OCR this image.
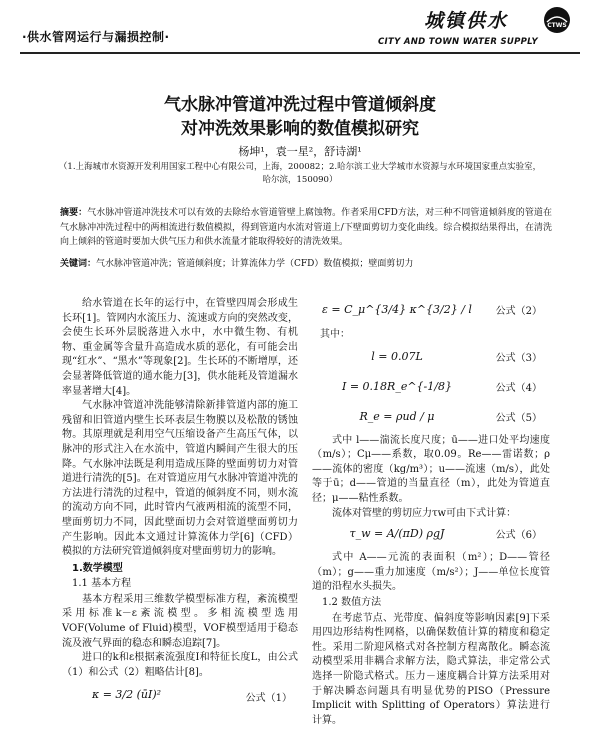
·供水管网运行与漏损控制·
城镇供水	CTWS
CITY AND TOWN WATER SUPPLY
气水脉冲管道冲洗过程中管道倾斜度
对冲洗效果影响的数值模拟研究
杨坤¹，袁一星²，舒诗湖¹
（1.上海城市水资源开发利用国家工程中心有限公司，上海，200082；2.哈尔滨工业大学城市水资源与水环境国家重点实验室，
哈尔滨，150090）
摘要：气水脉冲管道冲洗技术可以有效的去除给水管道管壁上腐蚀物。作者采用CFD方法，对三种不同管道倾斜度的管道在气水脉冲冲洗过程中的两相流进行数值模拟，得到管道内水流对管道上/下壁面剪切力变化曲线。综合模拟结果得出，在清洗向上倾斜的管道时要加大供气压力和供水流量才能取得较好的清洗效果。
关键词：气水脉冲管道冲洗；管道倾斜度；计算流体力学（CFD）数值模拟；壁面剪切力

给水管道在长年的运行中，在管壁四周会形成生长环[1]。管网内水流压力、流速或方向的突然改变，会使生长环外层脱落进入水中，水中微生物、有机物、重金属等含量升高造成水质的恶化，有可能会出现“红水”、“黑水”等现象[2]。生长环的不断增厚，还会显著降低管道的通水能力[3]，供水能耗及管道漏水率显著增大[4]。

气水脉冲管道冲洗能够清除新排管道内部的施工残留和旧管道内壁生长环表层生物膜以及松散的锈蚀物。其原理就是利用空气压缩设备产生高压气体，以脉冲的形式注入在水流中，管道内瞬间产生很大的压降。气水脉冲法既是利用造成压降的壁面剪切力对管道进行清洗的[5]。在对管道应用气水脉冲管道冲洗的方法进行清洗的过程中，管道的倾斜度不同，则水流的流动方向不同，此时管内气液两相流的流型不同，壁面剪切力不同，因此壁面切力会对管道壁面剪切力产生影响。因此本文通过计算流体力学[6]（CFD）模拟的方法研究管道倾斜度对壁面剪切力的影响。

1.数学模型

1.1 基本方程

基本方程采用三维数学模型标准方程，紊流模型采用标准k－ε紊流模型。多相流模型选用VOF(Volume of Fluid)模型，VOF模型适用于稳态流及液气界面的稳态和瞬态追踪[7]。

进口的k和ε根据紊流强度I和特征长度L，由公式（1）和公式（2）粗略估计[8]。

κ = 3/2 (ūI)²	公式（1）
ε = C_μ^{3/4} κ^{3/2} / l	公式（2）

其中：

l = 0.07L	公式（3）
I = 0.18R_e^{-1/8}	公式（4）
R_e = ρud / μ	公式（5）

式中 l——湍流长度尺度；ū——进口处平均速度（m/s）；Cμ——系数，取0.09。Re——雷诺数；ρ——流体的密度（kg/m³）；u——流速（m/s），此处等于ū；d——管道的当量直径（m），此处为管道直径；μ——粘性系数。

流体对管壁的剪切应力τw可由下式计算：

τ_w = A/(πD) ρgJ	公式（6）

式中 A——元流的表面积（m²）；D——管径（m）；g——重力加速度（m/s²）；J——单位长度管道的沿程水头损失。

1.2 数值方法

在考虑节点、光带度、偏斜度等影响因素[9]下采用四边形结构性网格，以确保数值计算的精度和稳定性。采用二阶迎风格式对各控制方程离散化。瞬态流动模型采用非耦合求解方法，隐式算法，非定常公式选择一阶隐式格式。压力－速度耦合计算方法采用对于解决瞬态问题具有明显优势的PISO（Pressure Implicit with Splitting of Operators）算法进行计算。
